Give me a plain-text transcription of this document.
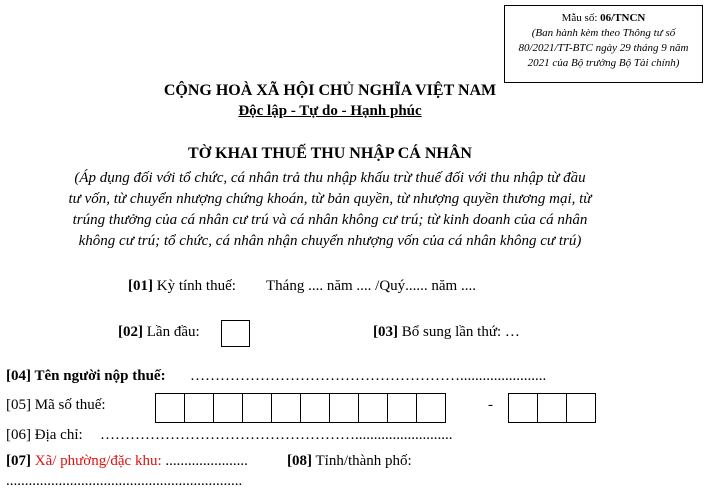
Mẫu số: 06/TNCN
(Ban hành kèm theo Thông tư số
80/2021/TT-BTC ngày 29 tháng 9 năm
2021 của Bộ trưởng Bộ Tài chính)
CỘNG HOÀ XÃ HỘI CHỦ NGHĨA VIỆT NAM
Độc lập - Tự do - Hạnh phúc
TỜ KHAI THUẾ THU NHẬP CÁ NHÂN
(Áp dụng đối với tổ chức, cá nhân trả thu nhập khấu trừ thuế đối với thu nhập từ đầu
tư vốn, từ chuyển nhượng chứng khoán, từ bản quyền, từ nhượng quyền thương mại, từ
trúng thưởng của cá nhân cư trú và cá nhân không cư trú; từ kinh doanh của cá nhân
không cư trú; tổ chức, cá nhân nhận chuyển nhượng vốn của cá nhân không cư trú)
[01] Kỳ tính thuế: Tháng .... năm .... /Quý...... năm ....
[02] Lần đầu:	[03] Bổ sung lần thứ: …
[04] Tên người nộp thuế: ……………………………………………….......................
[05] Mã số thuế:	-
[06] Địa chỉ: ……………………………………………..........................
[07] Xã/ phường/đặc khu: ......................	[08] Tỉnh/thành phố:
...............................................................
